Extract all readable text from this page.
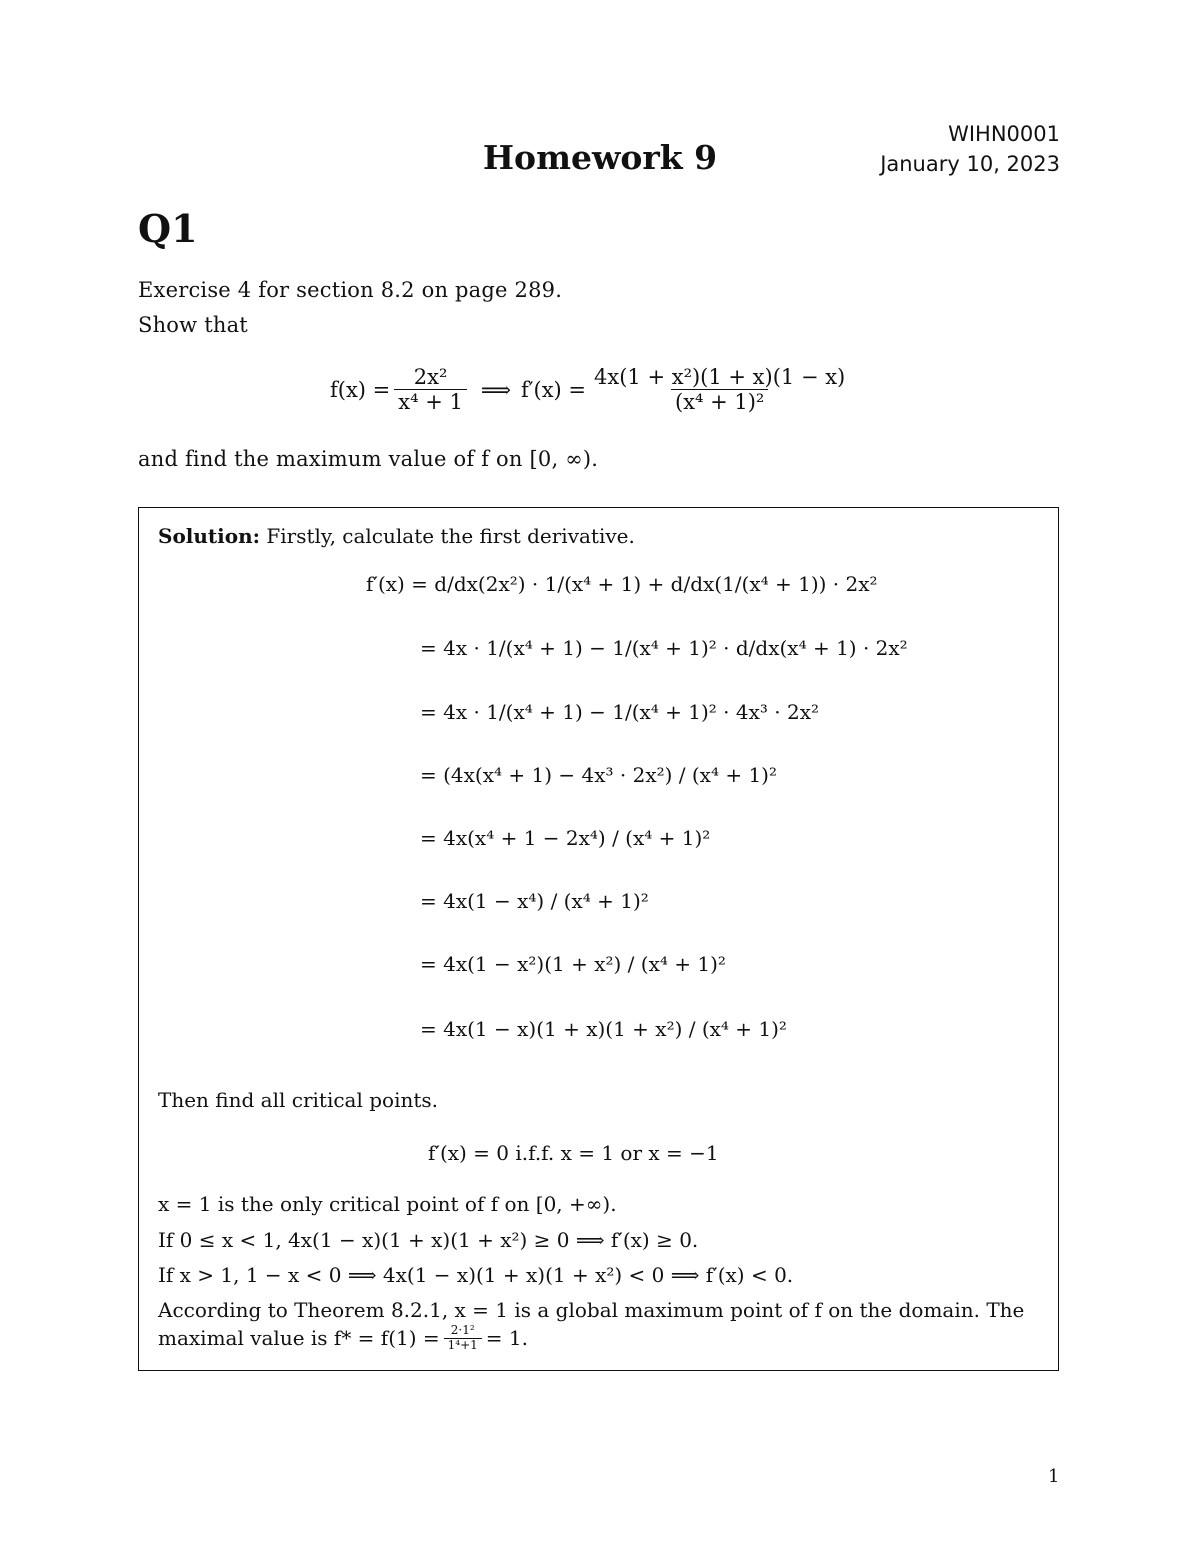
WIHN0001
January 10, 2023
Homework 9
Q1
Exercise 4 for section 8.2 on page 289.
Show that
$f(x) = \frac{\text{2x²}}{\text{x⁴ + 1}}$ ⟹ $f'(x) = \frac{\text{4x(1 + x²)(1 + x)(1 − x)}}{\text{(x⁴ + 1)²}}$
and find the maximum value of f on [0, ∞).
Solution: Firstly, calculate the first derivative.
f′(x) = d/dx(2x²) · 1/(x⁴ + 1) + d/dx(1/(x⁴ + 1)) · 2x²
= 4x · 1/(x⁴ + 1) − 1/(x⁴ + 1)² · d/dx(x⁴ + 1) · 2x²
= 4x · 1/(x⁴ + 1) − 1/(x⁴ + 1)² · 4x³ · 2x²
= (4x(x⁴ + 1) − 4x³ · 2x²) / (x⁴ + 1)²
= 4x(x⁴ + 1 − 2x⁴) / (x⁴ + 1)²
= 4x(1 − x⁴) / (x⁴ + 1)²
= 4x(1 − x²)(1 + x²) / (x⁴ + 1)²
= 4x(1 − x)(1 + x)(1 + x²) / (x⁴ + 1)²
Then find all critical points.
f′(x) = 0 i.f.f. x = 1 or x = −1
x = 1 is the only critical point of f on [0, +∞).
If 0 ≤ x < 1, 4x(1 − x)(1 + x)(1 + x²) ≥ 0 ⟹ f′(x) ≥ 0.
If x > 1, 1 − x < 0 ⟹ 4x(1 − x)(1 + x)(1 + x²) < 0 ⟹ f′(x) < 0.
According to Theorem 8.2.1, x = 1 is a global maximum point of f on the domain. The
maximal value is $f* = f(1) = \frac{\text{2·1²}}{\text{1⁴+1}} = 1$.
1
